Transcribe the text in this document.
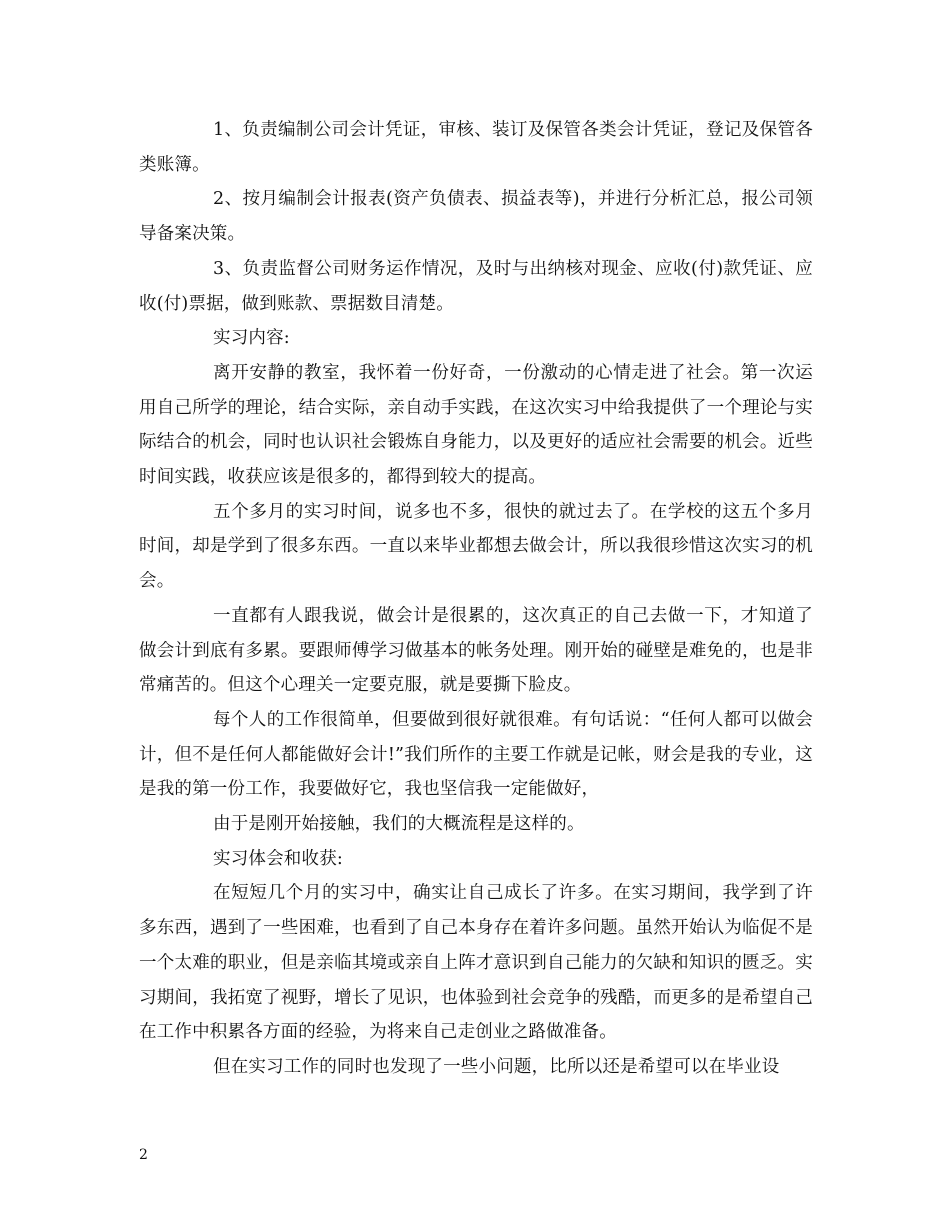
1、负责编制公司会计凭证，审核、装订及保管各类会计凭证，登记及保管各类账簿。

2、按月编制会计报表(资产负债表、损益表等)，并进行分析汇总，报公司领导备案决策。

3、负责监督公司财务运作情况，及时与出纳核对现金、应收(付)款凭证、应收(付)票据，做到账款、票据数目清楚。

实习内容:

离开安静的教室，我怀着一份好奇，一份激动的心情走进了社会。第一次运用自己所学的理论，结合实际，亲自动手实践，在这次实习中给我提供了一个理论与实际结合的机会，同时也认识社会锻炼自身能力，以及更好的适应社会需要的机会。近些时间实践，收获应该是很多的，都得到较大的提高。

五个多月的实习时间，说多也不多，很快的就过去了。在学校的这五个多月时间，却是学到了很多东西。一直以来毕业都想去做会计，所以我很珍惜这次实习的机会。

一直都有人跟我说，做会计是很累的，这次真正的自己去做一下，才知道了做会计到底有多累。要跟师傅学习做基本的帐务处理。刚开始的碰壁是难免的，也是非常痛苦的。但这个心理关一定要克服，就是要撕下脸皮。

每个人的工作很简单，但要做到很好就很难。有句话说：“任何人都可以做会计，但不是任何人都能做好会计!”我们所作的主要工作就是记帐，财会是我的专业，这是我的第一份工作，我要做好它，我也坚信我一定能做好，

由于是刚开始接触，我们的大概流程是这样的。

实习体会和收获:

在短短几个月的实习中，确实让自己成长了许多。在实习期间，我学到了许多东西，遇到了一些困难，也看到了自己本身存在着许多问题。虽然开始认为临促不是一个太难的职业，但是亲临其境或亲自上阵才意识到自己能力的欠缺和知识的匮乏。实习期间，我拓宽了视野，增长了见识，也体验到社会竞争的残酷，而更多的是希望自己在工作中积累各方面的经验，为将来自己走创业之路做准备。

但在实习工作的同时也发现了一些小问题，比所以还是希望可以在毕业设

2
